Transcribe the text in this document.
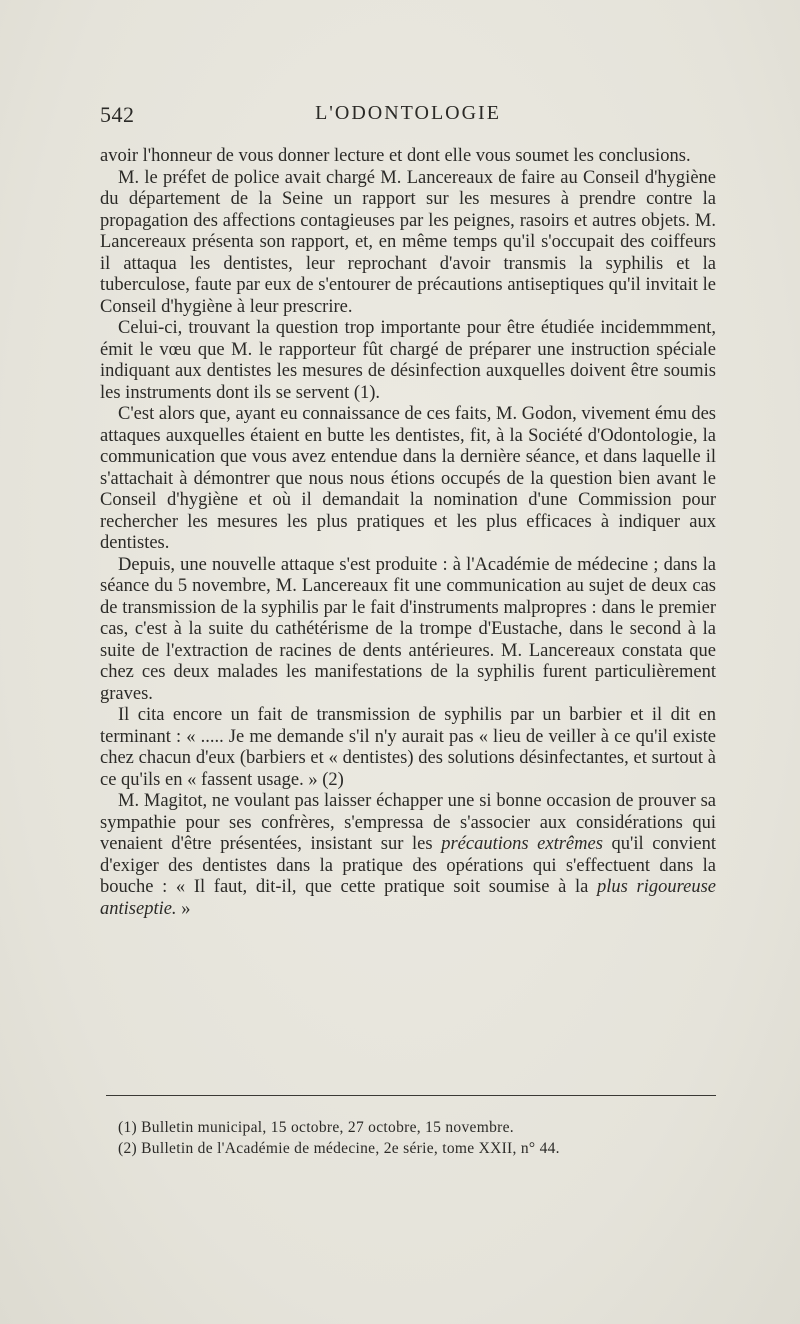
542	L'ODONTOLOGIE

avoir l'honneur de vous donner lecture et dont elle vous soumet les conclusions.

M. le préfet de police avait chargé M. Lancereaux de faire au Conseil d'hygiène du département de la Seine un rapport sur les mesures à prendre contre la propagation des affections contagieuses par les peignes, rasoirs et autres objets. M. Lancereaux présenta son rapport, et, en même temps qu'il s'occupait des coiffeurs il attaqua les dentistes, leur reprochant d'avoir transmis la syphilis et la tuberculose, faute par eux de s'entourer de précautions antiseptiques qu'il invitait le Conseil d'hygiène à leur prescrire.

Celui-ci, trouvant la question trop importante pour être étudiée incidemmment, émit le vœu que M. le rapporteur fût chargé de préparer une instruction spéciale indiquant aux dentistes les mesures de désinfection auxquelles doivent être soumis les instruments dont ils se servent (1).

C'est alors que, ayant eu connaissance de ces faits, M. Godon, vivement ému des attaques auxquelles étaient en butte les dentistes, fit, à la Société d'Odontologie, la communication que vous avez entendue dans la dernière séance, et dans laquelle il s'attachait à démontrer que nous nous étions occupés de la question bien avant le Conseil d'hygiène et où il demandait la nomination d'une Commission pour rechercher les mesures les plus pratiques et les plus efficaces à indiquer aux dentistes.

Depuis, une nouvelle attaque s'est produite : à l'Académie de médecine ; dans la séance du 5 novembre, M. Lancereaux fit une communication au sujet de deux cas de transmission de la syphilis par le fait d'instruments malpropres : dans le premier cas, c'est à la suite du cathétérisme de la trompe d'Eustache, dans le second à la suite de l'extraction de racines de dents antérieures. M. Lancereaux constata que chez ces deux malades les manifestations de la syphilis furent particulièrement graves.

Il cita encore un fait de transmission de syphilis par un barbier et il dit en terminant : « ..... Je me demande s'il n'y aurait pas « lieu de veiller à ce qu'il existe chez chacun d'eux (barbiers et « dentistes) des solutions désinfectantes, et surtout à ce qu'ils en « fassent usage. » (2)

M. Magitot, ne voulant pas laisser échapper une si bonne occasion de prouver sa sympathie pour ses confrères, s'empressa de s'associer aux considérations qui venaient d'être présentées, insistant sur les précautions extrêmes qu'il convient d'exiger des dentistes dans la pratique des opérations qui s'effectuent dans la bouche : « Il faut, dit-il, que cette pratique soit soumise à la plus rigoureuse antiseptie. »

(1) Bulletin municipal, 15 octobre, 27 octobre, 15 novembre.
(2) Bulletin de l'Académie de médecine, 2e série, tome XXII, n° 44.
